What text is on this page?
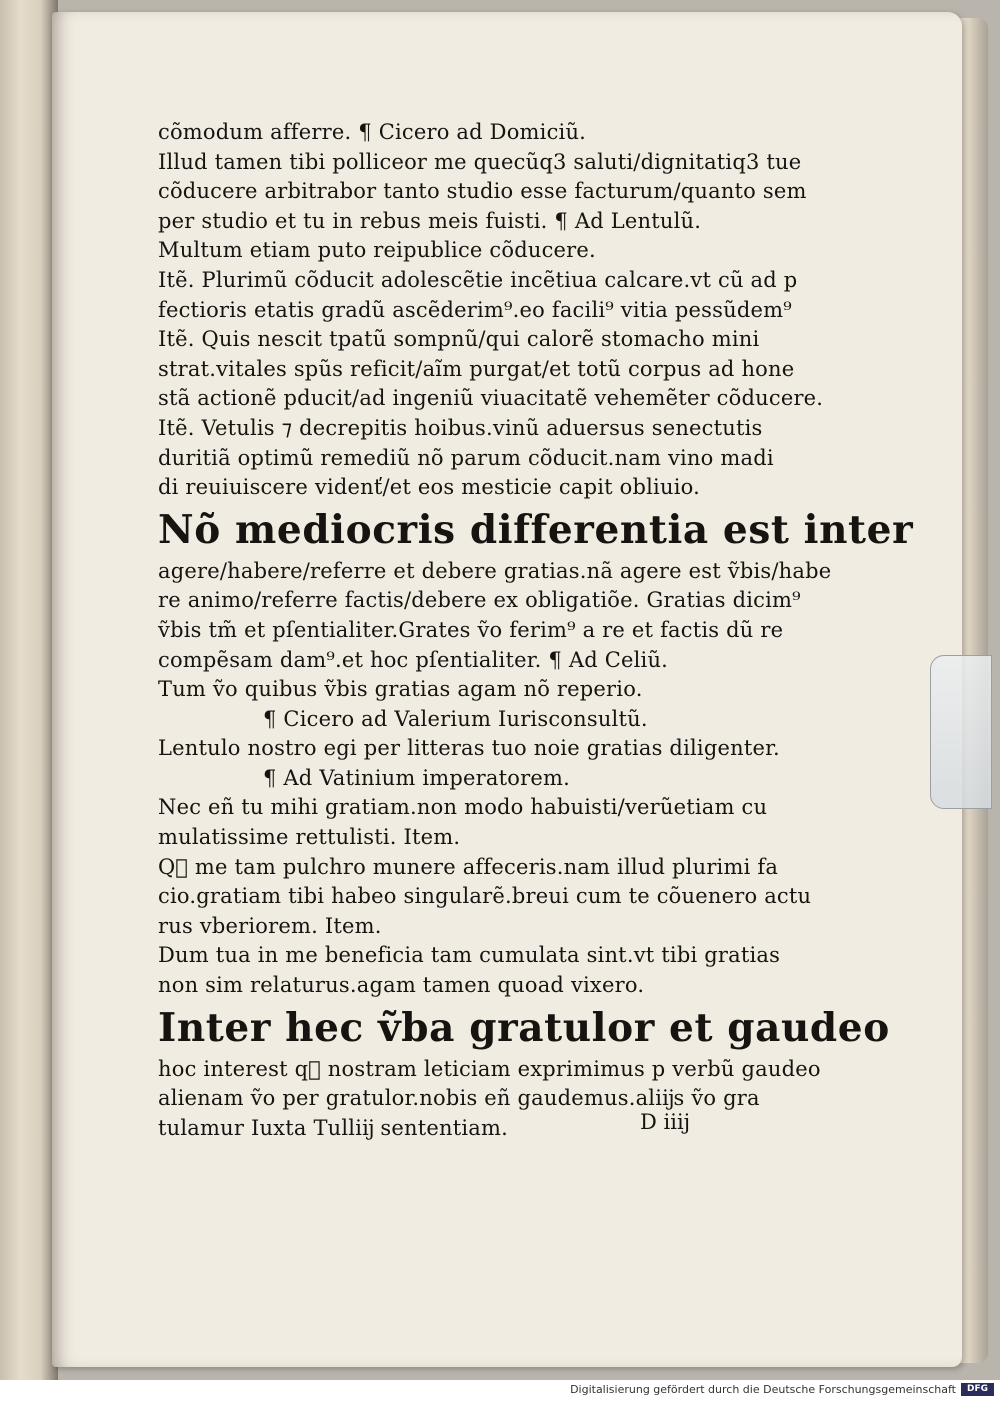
cõmodum afferre. ¶ Cicero ad Domiciũ.

Illud tamen tibi polliceor me quecũq3 saluti/dignitatiq3 tue

cõducere arbitrabor tanto studio esse facturum/quanto sem

per studio et tu in rebus meis fuisti. ¶ Ad Lentulũ.

Multum etiam puto reipublice cõducere.

Itẽ. Plurimũ cõducit adolescẽtie incẽtiua calcare.vt cũ ad p

fectioris etatis gradũ ascẽderim⁹.eo facili⁹ vitia pessũdem⁹

Itẽ. Quis nescit tpatũ sompnũ/qui calorẽ stomacho mini

strat.vitales spũs reficit/aĩm purgat/et totũ corpus ad hone

stã actionẽ pducit/ad ingeniũ viuacitatẽ vehemẽter cõducere.

Itẽ. Vetulis ⁊ decrepitis hoibus.vinũ aduersus senectutis

duritiã optimũ remediũ nõ parum cõducit.nam vino madi

di reuiuiscere videnť/et eos mesticie capit obliuio.

Nõ mediocris differentia est inter

agere/habere/referre et debere gratias.nã agere est ṽbis/habe

re animo/referre factis/debere ex obligatiõe. Gratias dicim⁹

ṽbis tm̃ et pſentialiter.Grates ṽo ferim⁹ a re et factis dũ re

compẽsam dam⁹.et hoc pſentialiter. ¶ Ad Celiũ.

Tum ṽo quibus ṽbis gratias agam nõ reperio.

¶ Cicero ad Valerium Iurisconsultũ.

Lentulo nostro egi per litteras tuo noie gratias diligenter.

¶ Ad Vatinium imperatorem.

Nec eñ tu mihi gratiam.non modo habuisti/verũetiam cu

mulatissime rettulisti. Item.

Q᷑ me tam pulchro munere affeceris.nam illud plurimi fa

cio.gratiam tibi habeo singularẽ.breui cum te cõuenero actu

rus vberiorem. Item.

Dum tua in me beneficia tam cumulata sint.vt tibi gratias

non sim relaturus.agam tamen quoad vixero.

Inter hec ṽba gratulor et gaudeo

hoc interest q᷑ nostram leticiam exprimimus p verbũ gaudeo

alienam ṽo per gratulor.nobis eñ gaudemus.aliĳs ṽo gra

tulamur Iuxta Tulliĳ sententiam.	D iiij
Digitalisierung gefördert durch die Deutsche Forschungsgemeinschaft	DFG
